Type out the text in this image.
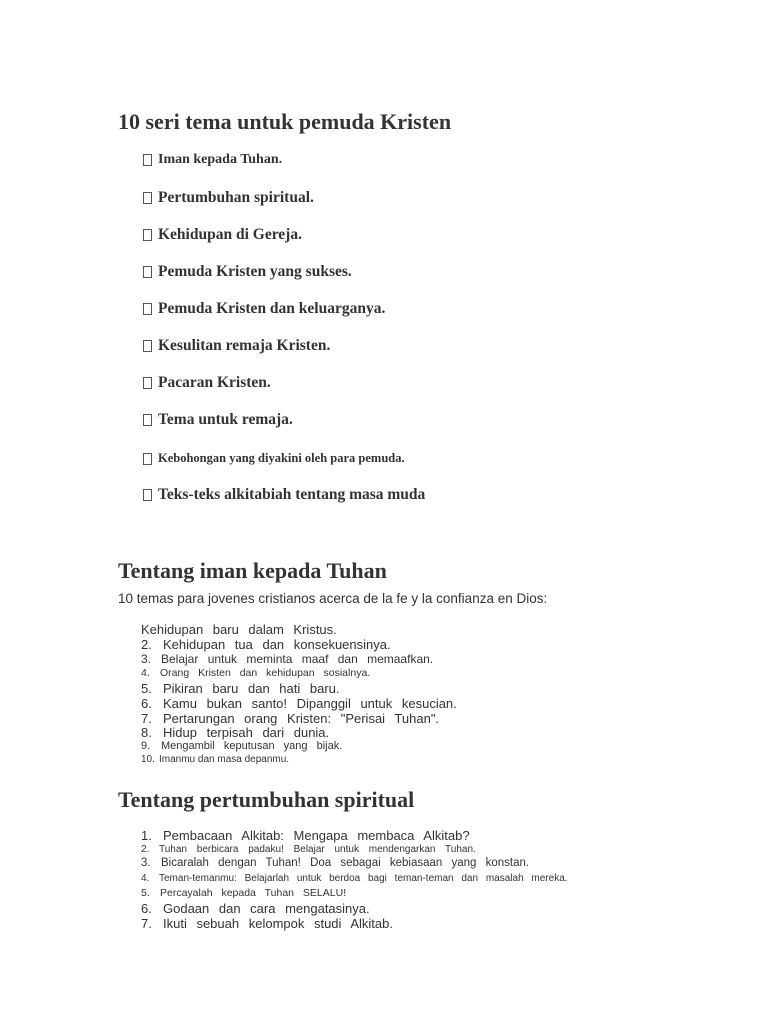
10 seri tema untuk pemuda Kristen
Iman kepada Tuhan.
Pertumbuhan spiritual.
Kehidupan di Gereja.
Pemuda Kristen yang sukses.
Pemuda Kristen dan keluarganya.
Kesulitan remaja Kristen.
Pacaran Kristen.
Tema untuk remaja.
Kebohongan yang diyakini oleh para pemuda.
Teks-teks alkitabiah tentang masa muda
Tentang iman kepada Tuhan
10 temas para jovenes cristianos acerca de la fe y la confianza en Dios:
Kehidupan baru dalam Kristus.
2. Kehidupan tua dan konsekuensinya.
3. Belajar untuk meminta maaf dan memaafkan.
4. Orang Kristen dan kehidupan sosialnya.
5. Pikiran baru dan hati baru.
6. Kamu bukan santo! Dipanggil untuk kesucian.
7. Pertarungan orang Kristen: "Perisai Tuhan".
8. Hidup terpisah dari dunia.
9. Mengambil keputusan yang bijak.
10. Imanmu dan masa depanmu.
Tentang pertumbuhan spiritual
1. Pembacaan Alkitab: Mengapa membaca Alkitab?
2. Tuhan berbicara padaku! Belajar untuk mendengarkan Tuhan.
3. Bicaralah dengan Tuhan! Doa sebagai kebiasaan yang konstan.
4. Teman-temanmu: Belajarlah untuk berdoa bagi teman-teman dan masalah mereka.
5. Percayalah kepada Tuhan SELALU!
6. Godaan dan cara mengatasinya.
7. Ikuti sebuah kelompok studi Alkitab.
